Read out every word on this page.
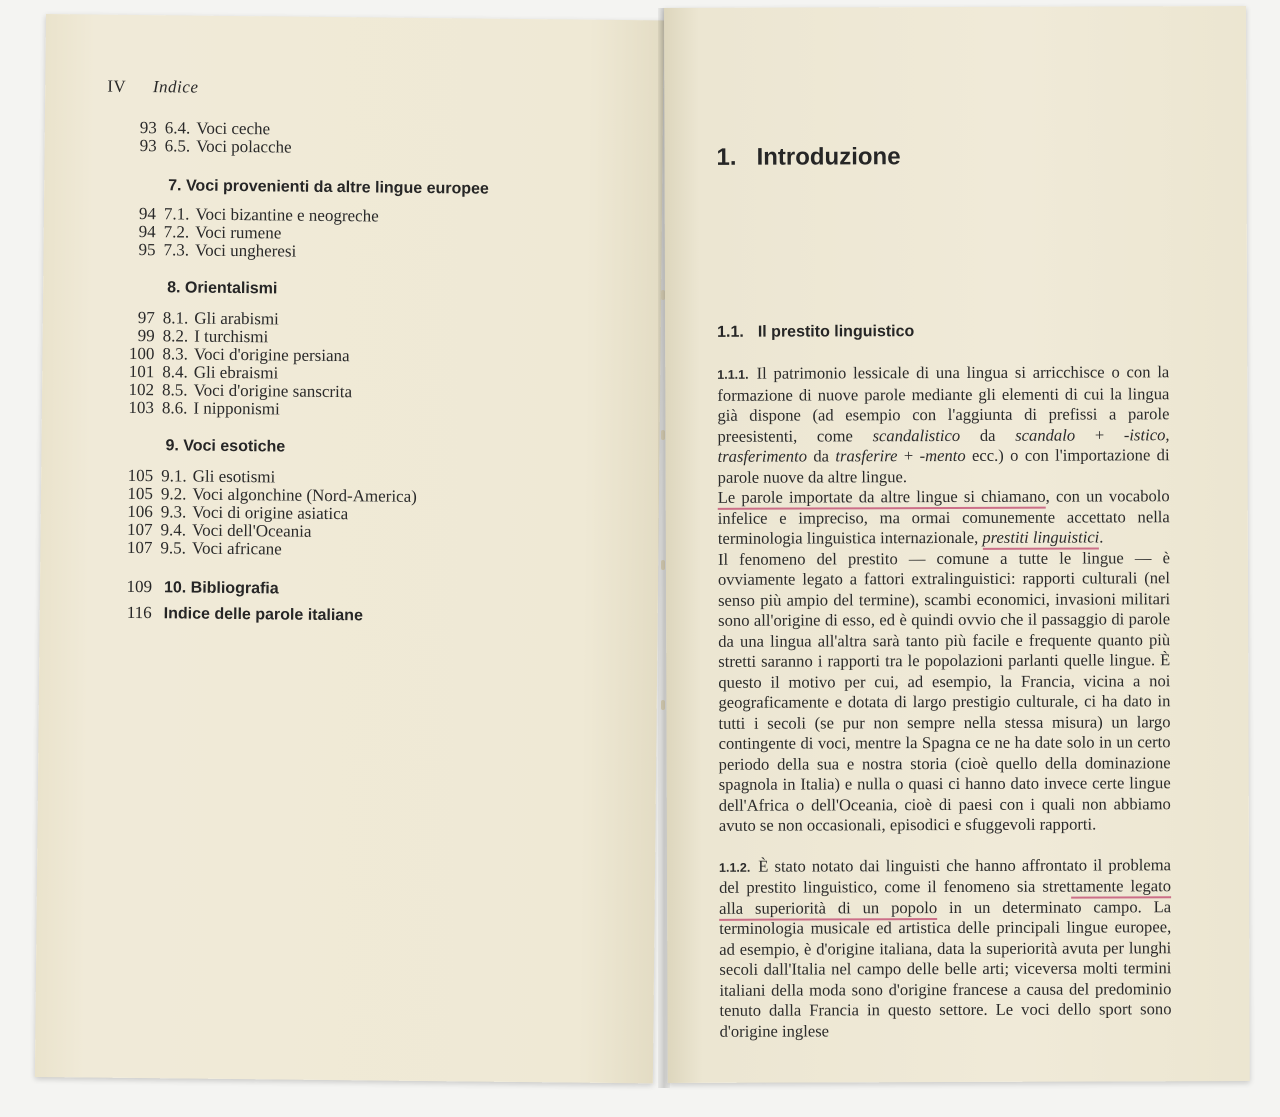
IV Indice
93 6.4. Voci ceche
93 6.5. Voci polacche
7. Voci provenienti da altre lingue europee
94 7.1. Voci bizantine e neogreche
94 7.2. Voci rumene
95 7.3. Voci ungheresi
8. Orientalismi
97 8.1. Gli arabismi
99 8.2. I turchismi
100 8.3. Voci d'origine persiana
101 8.4. Gli ebraismi
102 8.5. Voci d'origine sanscrita
103 8.6. I nipponismi
9. Voci esotiche
105 9.1. Gli esotismi
105 9.2. Voci algonchine (Nord-America)
106 9.3. Voci di origine asiatica
107 9.4. Voci dell'Oceania
107 9.5. Voci africane
109 10. Bibliografia
116 Indice delle parole italiane
1. Introduzione
1.1. Il prestito linguistico

1.1.1. Il patrimonio lessicale di una lingua si arricchisce o con la formazione di nuove parole mediante gli elementi di cui la lingua già dispone (ad esempio con l'aggiunta di prefissi a parole preesistenti, come scandalistico da scandalo + -istico, trasferimento da trasferire + -mento ecc.) o con l'importazione di parole nuove da altre lingue.

Le parole importate da altre lingue si chiamano, con un vocabolo infelice e impreciso, ma ormai comunemente accettato nella terminologia linguistica internazionale, prestiti linguistici.

Il fenomeno del prestito — comune a tutte le lingue — è ovviamente legato a fattori extralinguistici: rapporti culturali (nel senso più ampio del termine), scambi economici, invasioni militari sono all'origine di esso, ed è quindi ovvio che il passaggio di parole da una lingua all'altra sarà tanto più facile e frequente quanto più stretti saranno i rapporti tra le popolazioni parlanti quelle lingue. È questo il motivo per cui, ad esempio, la Francia, vicina a noi geograficamente e dotata di largo prestigio culturale, ci ha dato in tutti i secoli (se pur non sempre nella stessa misura) un largo contingente di voci, mentre la Spagna ce ne ha date solo in un certo periodo della sua e nostra storia (cioè quello della dominazione spagnola in Italia) e nulla o quasi ci hanno dato invece certe lingue dell'Africa o dell'Oceania, cioè di paesi con i quali non abbiamo avuto se non occasionali, episodici e sfuggevoli rapporti.

1.1.2. È stato notato dai linguisti che hanno affrontato il problema del prestito linguistico, come il fenomeno sia strettamente legato alla superiorità di un popolo in un determinato campo. La terminologia musicale ed artistica delle principali lingue europee, ad esempio, è d'origine italiana, data la superiorità avuta per lunghi secoli dall'Italia nel campo delle belle arti; viceversa molti termini italiani della moda sono d'origine francese a causa del predominio tenuto dalla Francia in questo settore. Le voci dello sport sono d'origine inglese
